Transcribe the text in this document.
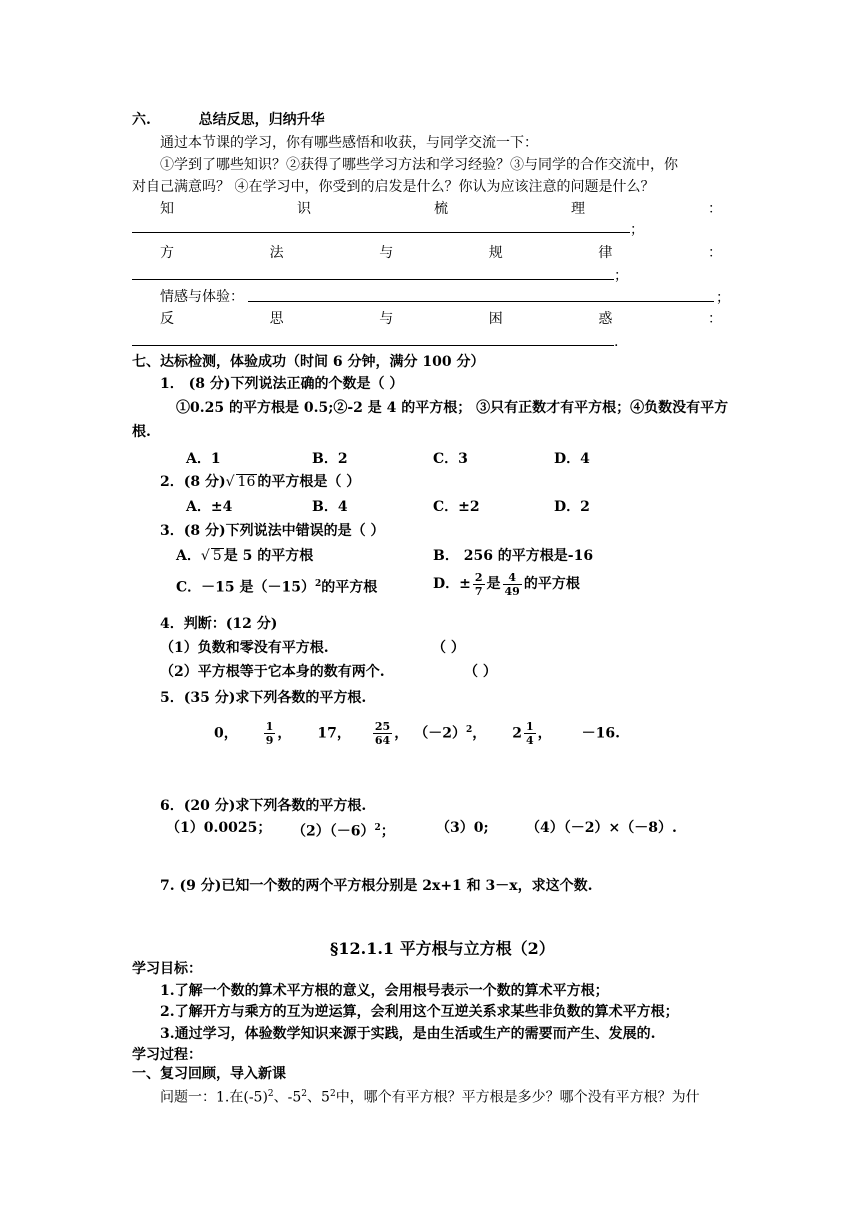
六.	总结反思，归纳升华
通过本节课的学习，你有哪些感悟和收获，与同学交流一下：
①学到了哪些知识？②获得了哪些学习方法和学习经验？③与同学的合作交流中，你
对自己满意吗？ ④在学习中，你受到的启发是什么？你认为应该注意的问题是什么？
知	识	梳	理	：
；
方	法	与	规	律	：
；
情感与体验：	；
反	思	与	困	惑	：
.
七、达标检测，体验成功（时间 6 分钟，满分 100 分）
1． (8 分)下列说法正确的个数是（ ）
①0.25 的平方根是 0.5;②-2 是 4 的平方根； ③只有正数才有平方根；④负数没有平方
根.
A．1	B．2	C．3	D．4
2．(8 分)√ 16 的平方根是（ ）
A．±4	B．4	C．±2	D．2
3．(8 分)下列说法中错误的是（ ）
A．√ 5 是 5 的平方根	B． 256 的平方根是-16
C．－15 是$(-15)^2$的平方根	D．± $\frac{2}{7}$ 是 $\frac{4}{49}$ 的平方根
4．判断：(12 分)
（1）负数和零没有平方根.	（ ）
（2）平方根等于它本身的数有两个.	（ ）
5．(35 分)求下列各数的平方根.
0， $\frac{1}{9}$ ， 17， $\frac{25}{64}$ ， $(-2)^2$， $2 \frac{1}{4}$ ， －16.
6．(20 分)求下列各数的平方根.
（1）0.0025； $(2)(-6)^2$；	（3）0;	（4）（－2）×（－8）.
7. (9 分)已知一个数的两个平方根分别是 2x+1 和 3－x，求这个数.
§12.1.1 平方根与立方根（2）
学习目标：
1.了解一个数的算术平方根的意义，会用根号表示一个数的算术平方根；
2.了解开方与乘方的互为逆运算，会利用这个互逆关系求某些非负数的算术平方根；
3.通过学习，体验数学知识来源于实践，是由生活或生产的需要而产生、发展的.
学习过程：
一、复习回顾，导入新课
问题一：1.在$(-5)^2$、$-5^2$、$5^2$中，哪个有平方根？平方根是多少？哪个没有平方根？为什
